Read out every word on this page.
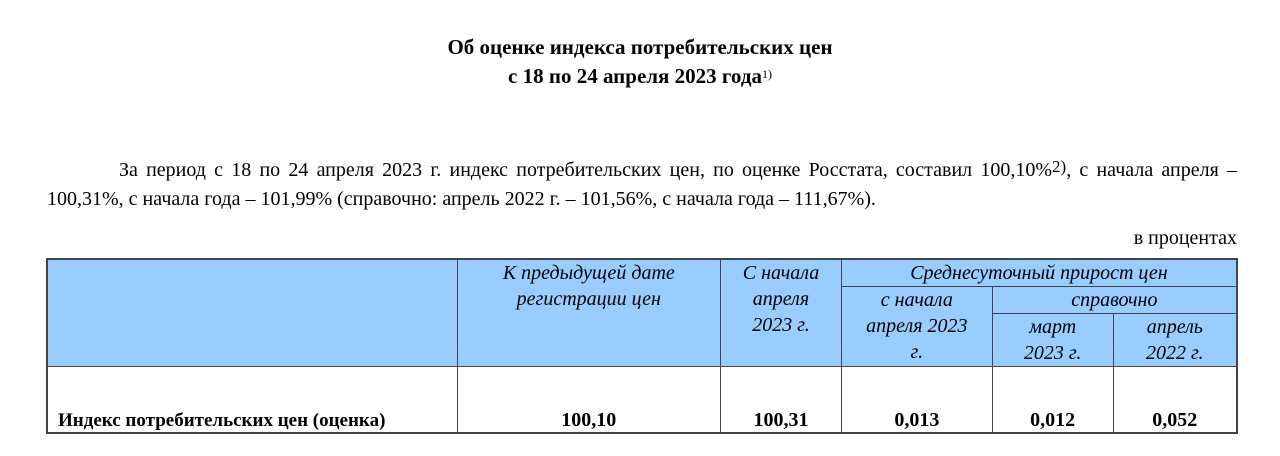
Об оценке индекса потребительских цен
с 18 по 24 апреля 2023 года$^{1)}$
За период с 18 по 24 апреля 2023 г. индекс потребительских цен, по оценке Росстата, составил 100,10%$^{2)}$, с начала апреля – 100,31%, с начала года – 101,99% (справочно: апрель 2022 г. – 101,56%, с начала года – 111,67%).
в процентах
	К предыдущей дате регистрации цен	С начала апреля 2023 г.	Среднесуточный прирост цен		
			с начала апреля 2023 г.	справочно	
				март 2023 г.	апрель 2022 г.
Индекс потребительских цен (оценка)	100,10	100,31	0,013	0,012	0,052
